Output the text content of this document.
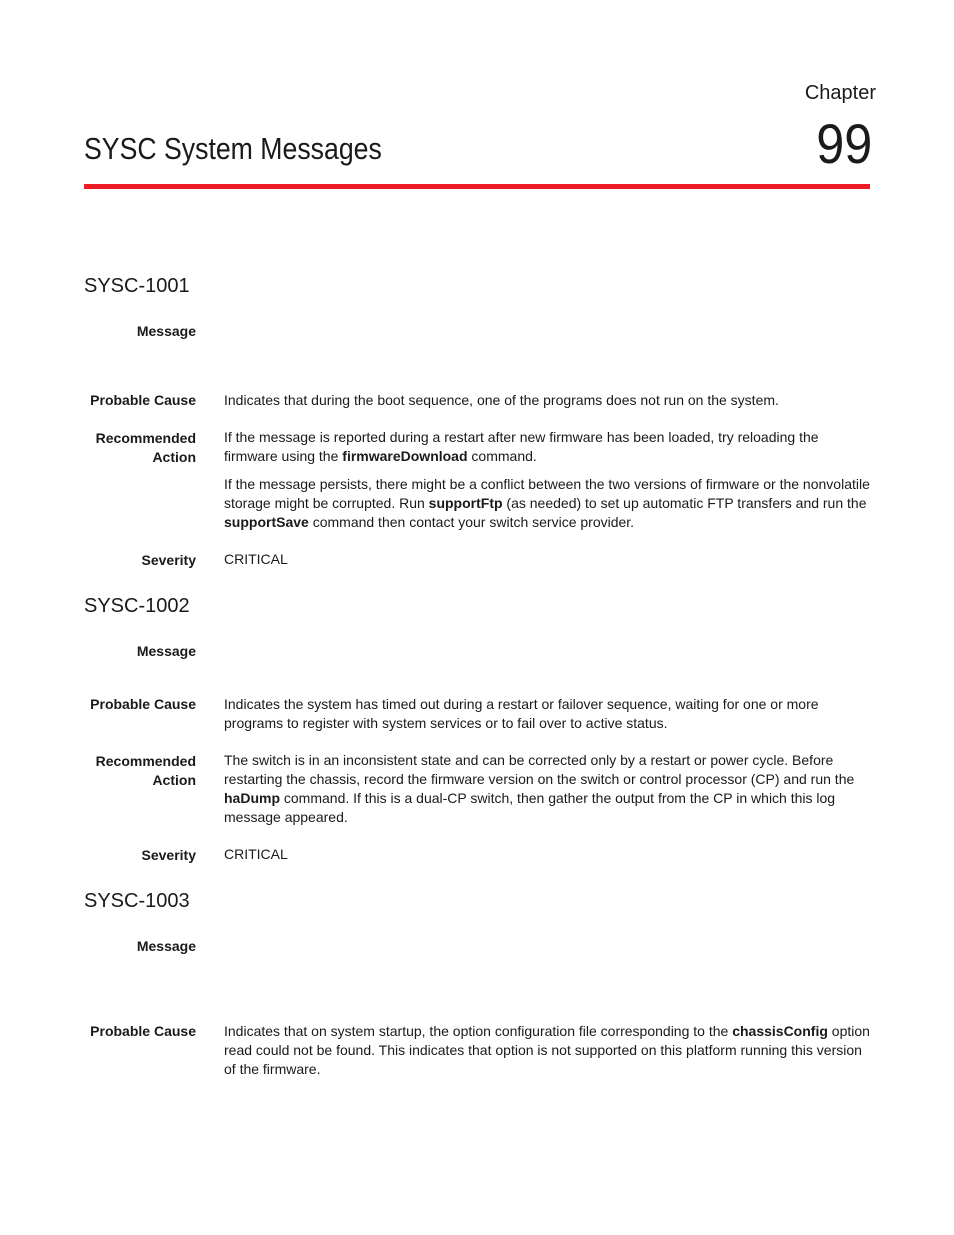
Chapter
99
SYSC System Messages
SYSC-1001
Message
Probable Cause Indicates that during the boot sequence, one of the programs does not run on the system.
Recommended
Action
If the message is reported during a restart after new firmware has been loaded, try reloading the firmware using the firmwareDownload command.
If the message persists, there might be a conflict between the two versions of firmware or the nonvolatile storage might be corrupted. Run supportFtp (as needed) to set up automatic FTP transfers and run the supportSave command then contact your switch service provider.
Severity CRITICAL
SYSC-1002
Message
Probable Cause Indicates the system has timed out during a restart or failover sequence, waiting for one or more programs to register with system services or to fail over to active status.
Recommended
Action
The switch is in an inconsistent state and can be corrected only by a restart or power cycle. Before restarting the chassis, record the firmware version on the switch or control processor (CP) and run the haDump command. If this is a dual-CP switch, then gather the output from the CP in which this log message appeared.
Severity CRITICAL
SYSC-1003
Message
Probable Cause Indicates that on system startup, the option configuration file corresponding to the chassisConfig option read could not be found. This indicates that option is not supported on this platform running this version of the firmware.
